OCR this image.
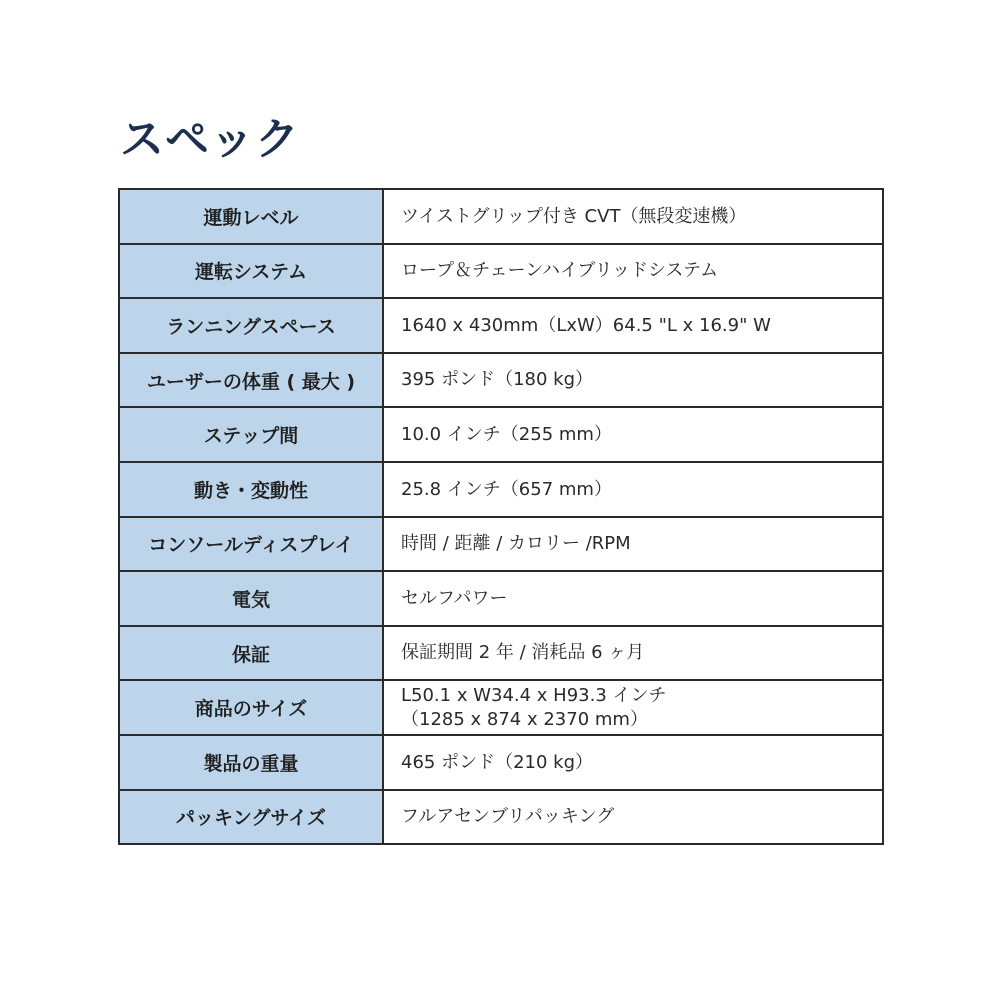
スペック
運動レベル	ツイストグリップ付き CVT（無段変速機）

運転システム	ロープ＆チェーンハイブリッドシステム

ランニングスペース	1640 x 430mm（LxW）64.5 "L x 16.9" W

ユーザーの体重 ( 最大 )	395 ポンド（180 kg）

ステップ間	10.0 インチ（255 mm）

動き・変動性	25.8 インチ（657 mm）

コンソールディスプレイ	時間 / 距離 / カロリー /RPM

電気	セルフパワー

保証	保証期間 2 年 / 消耗品 6 ヶ月

商品のサイズ	L50.1 x W34.4 x H93.3 インチ
（1285 x 874 x 2370 mm）

製品の重量	465 ポンド（210 kg）

パッキングサイズ	フルアセンブリパッキング
